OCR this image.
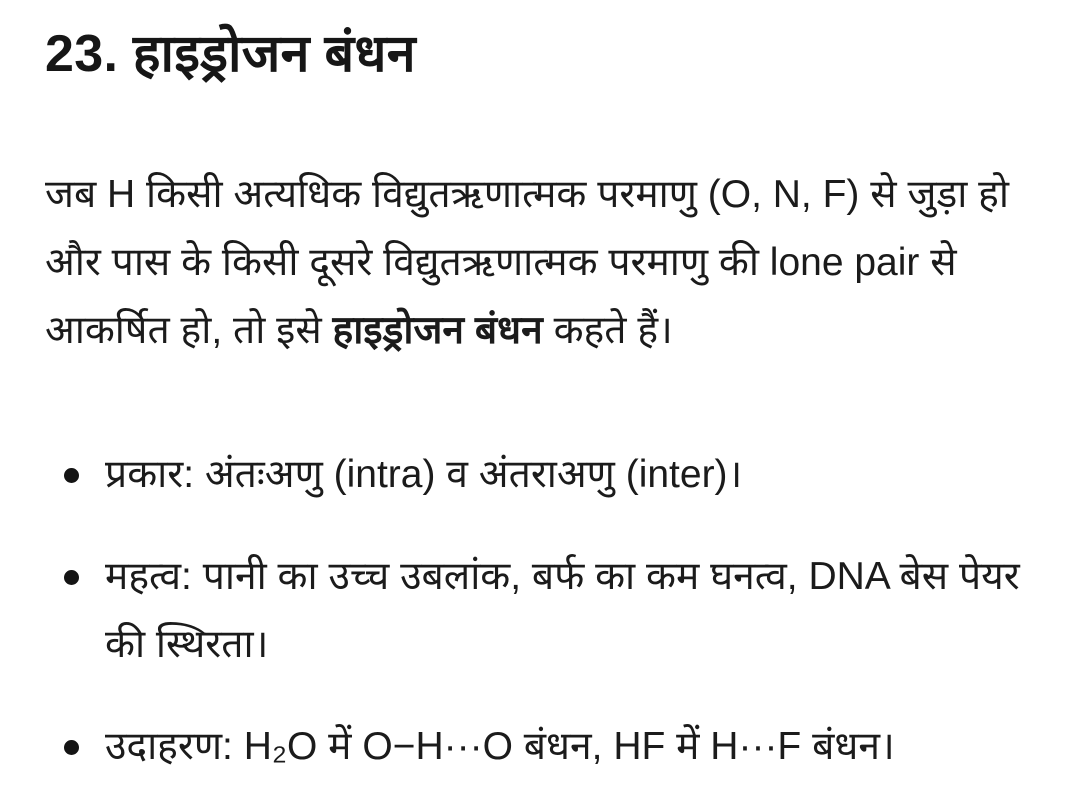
23. हाइड्रोजन बंधन

जब H किसी अत्यधिक विद्युतऋणात्मक परमाणु (O, N, F) से जुड़ा हो और पास के किसी दूसरे विद्युतऋणात्मक परमाणु की lone pair से आकर्षित हो, तो इसे हाइड्रोजन बंधन कहते हैं।

प्रकार: अंतःअणु (intra) व अंतराअणु (inter)।
महत्व: पानी का उच्च उबलांक, बर्फ का कम घनत्व, DNA बेस पेयर की स्थिरता।
उदाहरण: H₂O में O−H···O बंधन, HF में H···F बंधन।
